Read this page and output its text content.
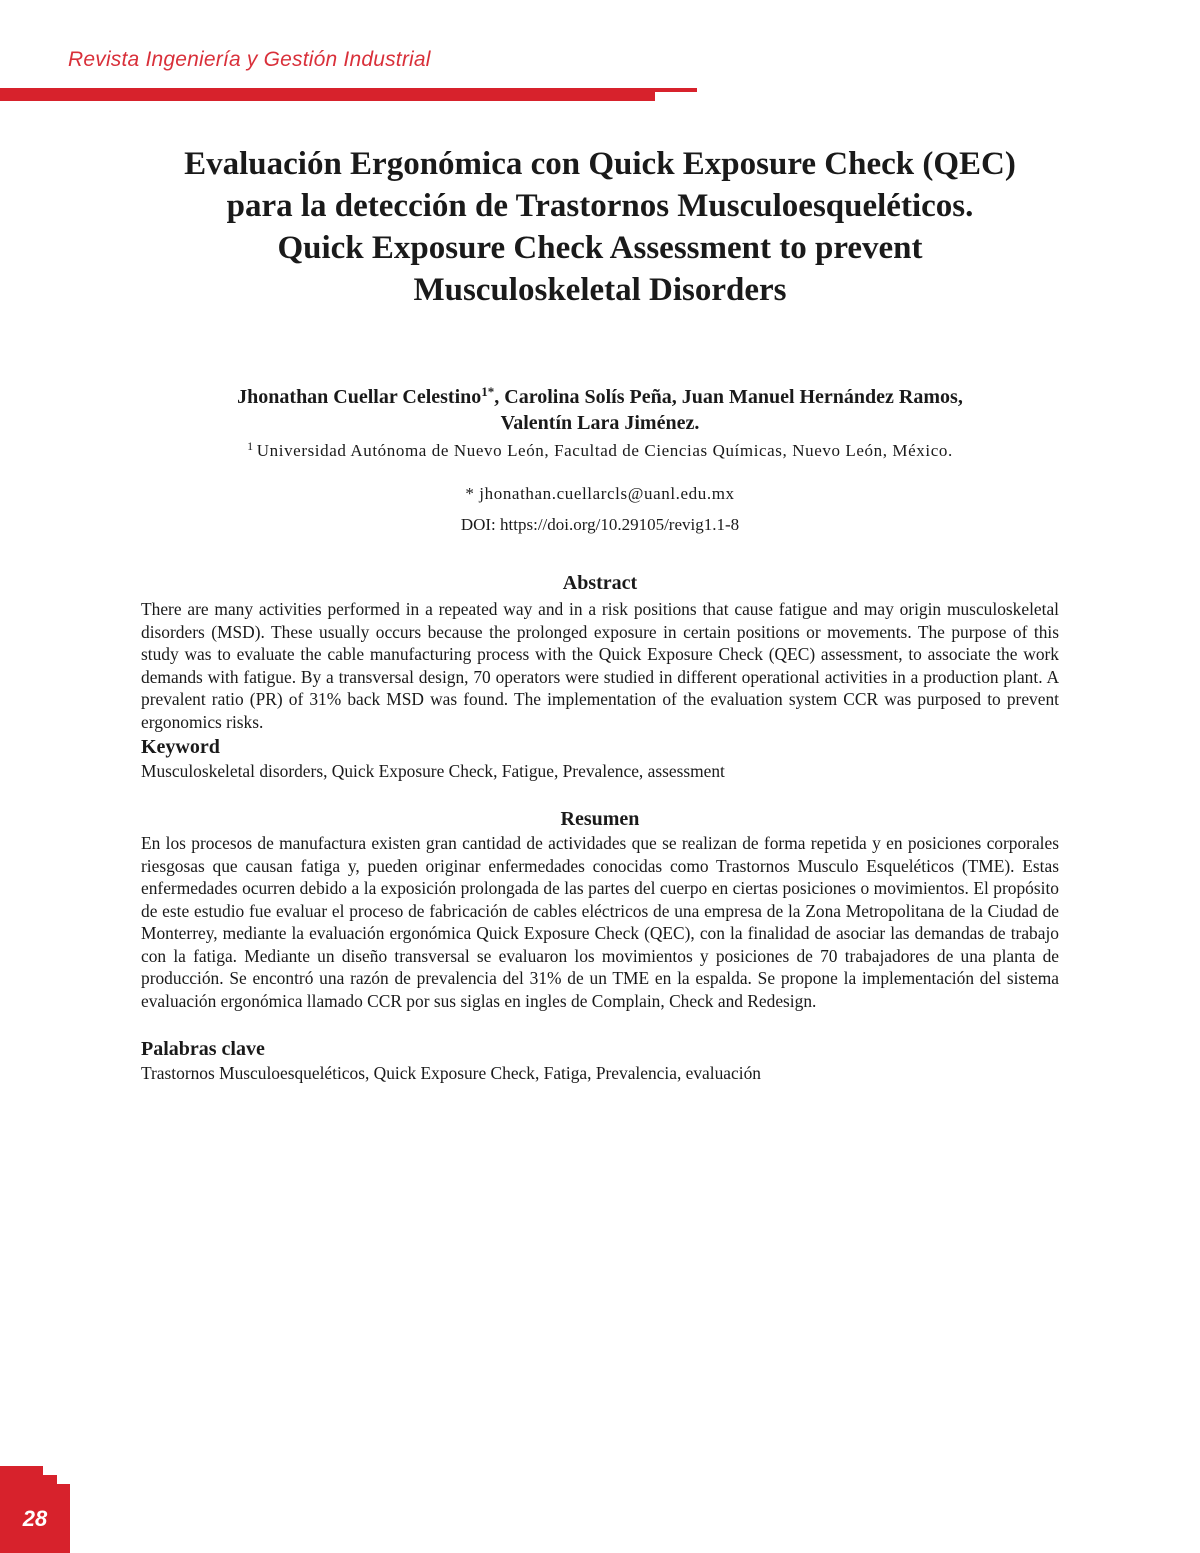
Revista Ingeniería y Gestión Industrial
Evaluación Ergonómica con Quick Exposure Check (QEC)
para la detección de Trastornos Musculoesqueléticos.
Quick Exposure Check Assessment to prevent
Musculoskeletal Disorders

Jhonathan Cuellar Celestino$^{1*}$, Carolina Solís Peña, Juan Manuel Hernández Ramos,
Valentín Lara Jiménez.

$^1$ Universidad Autónoma de Nuevo León, Facultad de Ciencias Químicas, Nuevo León, México.

* jhonathan.cuellarcls@uanl.edu.mx

DOI: https://doi.org/10.29105/revig1.1-8

Abstract

There are many activities performed in a repeated way and in a risk positions that cause fatigue and may origin musculoskeletal disorders (MSD). These usually occurs because the prolonged exposure in certain positions or movements. The purpose of this study was to evaluate the cable manufacturing process with the Quick Exposure Check (QEC) assessment, to associate the work demands with fatigue. By a transversal design, 70 operators were studied in different operational activities in a production plant. A prevalent ratio (PR) of 31% back MSD was found. The implementation of the evaluation system CCR was purposed to prevent ergonomics risks.

Keyword

Musculoskeletal disorders, Quick Exposure Check, Fatigue, Prevalence, assessment

Resumen

En los procesos de manufactura existen gran cantidad de actividades que se realizan de forma repetida y en posiciones corporales riesgosas que causan fatiga y, pueden originar enfermedades conocidas como Trastornos Musculo Esqueléticos (TME). Estas enfermedades ocurren debido a la exposición prolongada de las partes del cuerpo en ciertas posiciones o movimientos. El propósito de este estudio fue evaluar el proceso de fabricación de cables eléctricos de una empresa de la Zona Metropolitana de la Ciudad de Monterrey, mediante la evaluación ergonómica Quick Exposure Check (QEC), con la finalidad de asociar las demandas de trabajo con la fatiga. Mediante un diseño transversal se evaluaron los movimientos y posiciones de 70 trabajadores de una planta de producción. Se encontró una razón de prevalencia del 31% de un TME en la espalda. Se propone la implementación del sistema evaluación ergonómica llamado CCR por sus siglas en ingles de Complain, Check and Redesign.

Palabras clave

Trastornos Musculoesqueléticos, Quick Exposure Check, Fatiga, Prevalencia, evaluación

28
